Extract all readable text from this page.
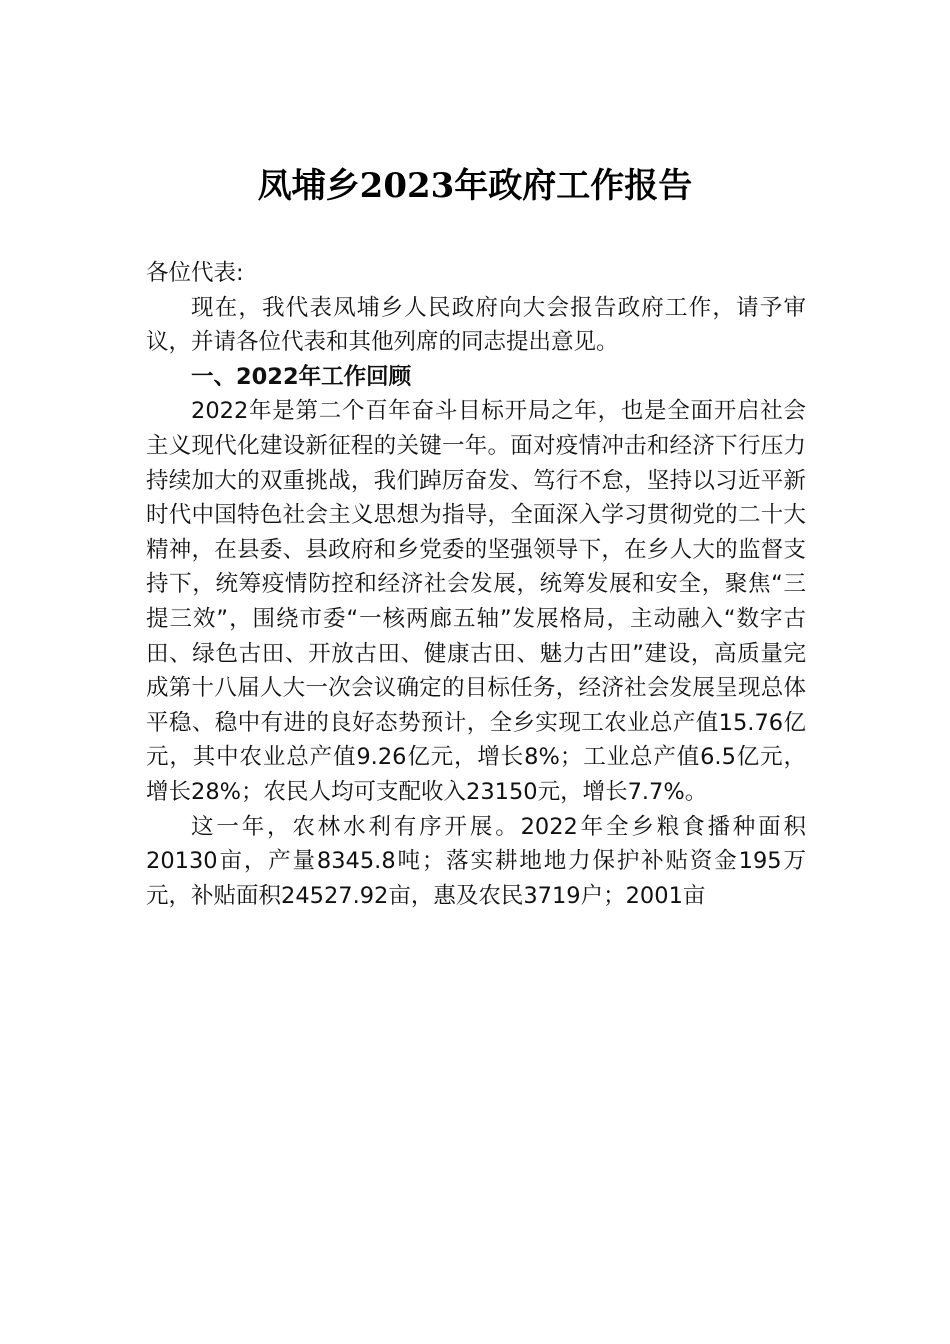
凤埔乡2023年政府工作报告

各位代表:

现在，我代表凤埔乡人民政府向大会报告政府工作，请予审议，并请各位代表和其他列席的同志提出意见。

一、2022年工作回顾

2022年是第二个百年奋斗目标开局之年，也是全面开启社会主义现代化建设新征程的关键一年。面对疫情冲击和经济下行压力持续加大的双重挑战，我们踔厉奋发、笃行不怠，坚持以习近平新时代中国特色社会主义思想为指导，全面深入学习贯彻党的二十大精神，在县委、县政府和乡党委的坚强领导下，在乡人大的监督支持下，统筹疫情防控和经济社会发展，统筹发展和安全，聚焦“三提三效”，围绕市委“一核两廊五轴”发展格局，主动融入“数字古田、绿色古田、开放古田、健康古田、魅力古田”建设，高质量完成第十八届人大一次会议确定的目标任务，经济社会发展呈现总体平稳、稳中有进的良好态势预计，全乡实现工农业总产值15.76亿元，其中农业总产值9.26亿元，增长8%；工业总产值6.5亿元，增长28%；农民人均可支配收入23150元，增长7.7%。

这一年，农林水利有序开展。2022年全乡粮食播种面积20130亩，产量8345.8吨；落实耕地地力保护补贴资金195万元，补贴面积24527.92亩，惠及农民3719户；2001亩
